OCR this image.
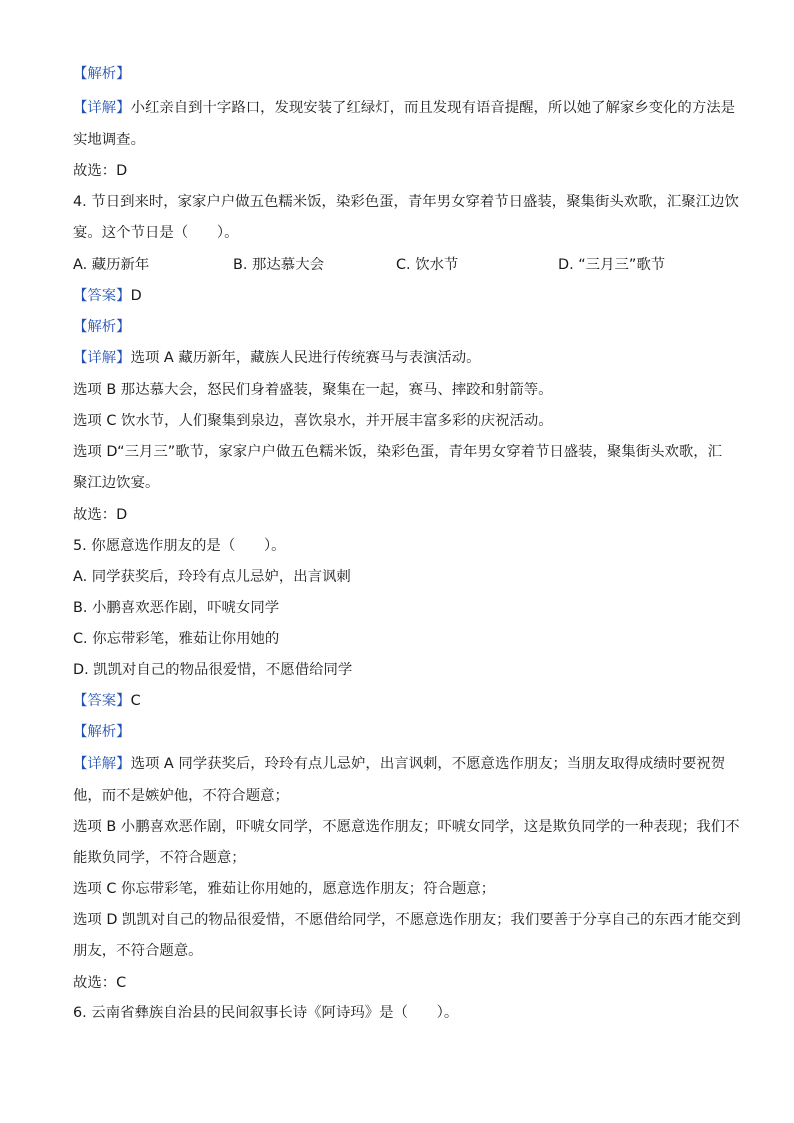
【解析】
【详解】小红亲自到十字路口，发现安装了红绿灯，而且发现有语音提醒，所以她了解家乡变化的方法是
实地调查。
故选：D
4. 节日到来时，家家户户做五色糯米饭，染彩色蛋，青年男女穿着节日盛装，聚集街头欢歌，汇聚江边饮
宴。这个节日是（　　）。
A. 藏历新年	B. 那达慕大会	C. 饮水节	D. “三月三”歌节
【答案】D
【解析】
【详解】选项 A 藏历新年，藏族人民进行传统赛马与表演活动。
选项 B 那达慕大会，怒民们身着盛装，聚集在一起，赛马、摔跤和射箭等。
选项 C 饮水节，人们聚集到泉边，喜饮泉水，并开展丰富多彩的庆祝活动。
选项 D“三月三”歌节，家家户户做五色糯米饭，染彩色蛋，青年男女穿着节日盛装，聚集街头欢歌，汇
聚江边饮宴。
故选：D
5. 你愿意选作朋友的是（　　）。
A. 同学获奖后，玲玲有点儿忌妒，出言讽刺
B. 小鹏喜欢恶作剧，吓唬女同学
C. 你忘带彩笔，雅茹让你用她的
D. 凯凯对自己的物品很爱惜，不愿借给同学
【答案】C
【解析】
【详解】选项 A 同学获奖后，玲玲有点儿忌妒，出言讽刺，不愿意选作朋友；当朋友取得成绩时要祝贺
他，而不是嫉妒他，不符合题意；
选项 B 小鹏喜欢恶作剧，吓唬女同学，不愿意选作朋友；吓唬女同学，这是欺负同学的一种表现；我们不
能欺负同学，不符合题意；
选项 C 你忘带彩笔，雅茹让你用她的，愿意选作朋友；符合题意；
选项 D 凯凯对自己的物品很爱惜，不愿借给同学，不愿意选作朋友；我们要善于分享自己的东西才能交到
朋友，不符合题意。
故选：C
6. 云南省彝族自治县的民间叙事长诗《阿诗玛》是（　　）。
